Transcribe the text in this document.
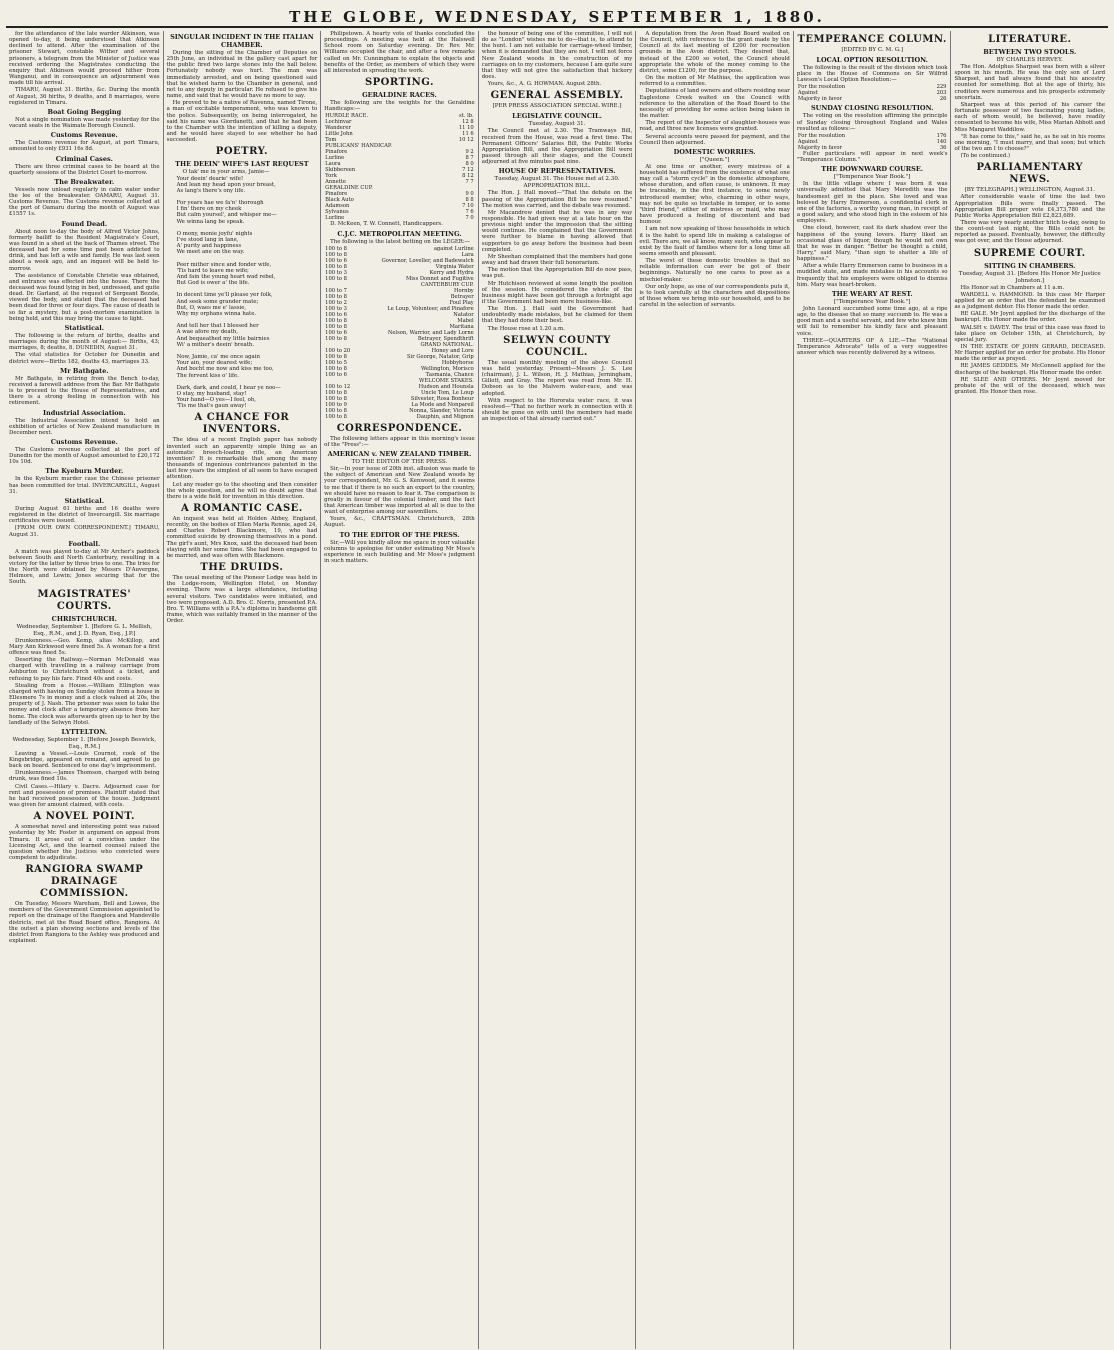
THE GLOBE, WEDNESDAY, SEPTEMBER 1, 1880.

for the attendance of the late warder Atkinson, was opened to-day, it being understood that Atkinson declined to attend. After the examination of the prisoner Stewart, constable Wither and several prisoners, a telegram from the Minister of Justice was received ordering the Magistrates conducting the enquiry that Atkinson would proceed hither from Wanganui, and in consequence an adjournment was made till his arrival.

TIMARU, August 31. Births, &c. During the month of August, 36 births, 9 deaths, and 8 marriages, were registered in Timaru.

Boat Going Begging

Not a single nomination was made yesterday for the vacant seats in the Waimate Borough Council.

Customs Revenue.

The Customs revenue for August, at port Timaru, amounted to only £931 16s 8d.

Criminal Cases.

There are three criminal cases to be heard at the quarterly sessions of the District Court to-morrow.

The Breakwater.

Vessels now unload regularly in calm water under the lee of the breakwater. OAMARU, August 31. Customs Revenue. The Customs revenue collected at the port of Oamaru during the month of August was £1557 1s.

Found Dead.

About noon to-day the body of Alfred Victor Johns, formerly bailiff to the Resident Magistrate's Court, was found in a shed at the back of Thames street. The deceased had for some time past been addicted to drink, and has left a wife and family. He was last seen about a week ago, and an inquest will be held to-morrow.

The assistance of Constable Christie was obtained, and entrance was effected into the house. There the deceased was found lying in bed, undressed, and quite dead. Dr. Garland, at the request of Sergeant Bezzle, viewed the body, and stated that the deceased had been dead for three or four days. The cause of death is so far a mystery, but a post-mortem examination is being held, and this may bring the cause to light.

Statistical.

The following is the return of births, deaths and marriages during the month of August:— Births, 43; marriages, 8; deaths, 8. DUNEDIN, August 31.

The vital statistics for October for Dunedin and district were—Births 182, deaths 43, marriages 33.

Mr Bathgate.

Mr Bathgate, in retiring from the Bench to-day, received a farewell address from the Bar. Mr Bathgate is to proceed to the House of Representatives, and there is a strong feeling in connection with his retirement.

Industrial Association.

The Industrial Association intend to hold an exhibition of articles of New Zealand manufacture in December next.

Customs Revenue.

The Customs revenue collected at the port of Dunedin for the month of August amounted to £20,172 10s 10d.

The Kyeburn Murder.

In the Kyeburn murder case the Chinese prisoner has been committed for trial. INVERCARGILL, August 31.

Statistical.

During August 61 births and 16 deaths were registered in the district of Invercargill. Six marriage certificates were issued.

[FROM OUR OWN CORRESPONDENT.] TIMARU, August 31.

Football.

A match was played to-day at Mr Archer's paddock between South and North Canterbury, resulting in a victory for the latter by three tries to one. The tries for the North were obtained by Messrs D'Auvergne, Helmore, and Lewin; Jones securing that for the South.

MAGISTRATES' COURTS.
CHRISTCHURCH.
Wednesday, September 1. [Before G. L. Mellish, Esq., R.M., and J. D. Ryan, Esq., J.P.]

Drunkenness.—Geo. Kemp, alias McKillop, and Mary Ann Kirkwood were fined 5s. A woman for a first offence was fined 5s.

Deserting the Railway.—Norman McDonald was charged with travelling in a railway carriage from Ashburton to Christchurch without a ticket, and refusing to pay his fare. Fined 40s and costs.

Stealing from a House.—William Ellington was charged with having on Sunday stolen from a house in Ellesmere 7s in money and a clock valued at 20s, the property of J. Nash. The prisoner was seen to take the money and clock after a temporary absence from her home. The clock was afterwards given up to her by the landlady of the Selwyn Hotel.

LYTTELTON.
Wednesday, September 1. [Before Joseph Beswick, Esq., R.M.]

Leaving a Vessel.—Louis Cournot, cook of the Kingsbridge, appeared on remand, and agreed to go back on board. Sentenced to one day's imprisonment.

Drunkenness.—James Thomson, charged with being drunk, was fined 10s.

Civil Cases.—Hilary v. Dacre. Adjourned case for rent and possession of premises. Plaintiff stated that he had received possession of the house. Judgment was given for amount claimed, with costs.

A NOVEL POINT.

A somewhat novel and interesting point was raised yesterday by Mr. Foster in argument on appeal from Timaru. It arose out of a conviction under the Licensing Act, and the learned counsel raised the question whether the Justices who convicted were competent to adjudicate.

RANGIORA SWAMP DRAINAGE COMMISSION.

On Tuesday, Messrs Wareham, Bell and Lowes, the members of the Government Commission appointed to report on the drainage of the Rangiora and Mandeville districts, met at the Road Board office, Rangiora. At the outset a plan showing sections and levels of the district from Rangiora to the Ashley was produced and explained.

SINGULAR INCIDENT IN THE ITALIAN CHAMBER.

During the sitting of the Chamber of Deputies on 25th June, an individual in the gallery cast apart for the public fired two large stones into the hall below. Fortunately nobody was hurt. The man was immediately arrested, and on being questioned said that he wished harm to the Chamber in general, and not to any deputy in particular. He refused to give his name, and said that he would have no more to say.

He proved to be a native of Ravenna, named Tirone, a man of excitable temperament, who was known to the police. Subsequently, on being interrogated, he said his name was Giordanetti, and that he had been to the Chamber with the intention of killing a deputy, and he would have stayed to see whether he had succeeded.

POETRY.
THE DEEIN' WIFE'S LAST REQUEST

O tak' me in your arms, Jamie—
Your deein' dearie' wife!
And lean my head upon your breast,
As lang's there's ony life.

For years hae we fa'n' thorough
I fin' there on my cheek
But calm yoursel', and whisper me—
We winna lang be speak.

O mony, monie joyfu' nights
I've stood lang in lane,
A' purity and happiness
We meet ane on the way.

Peer mither since and fonder wife,
'Tis hard to leave me wife;
And fain the young heart wad rebel,
But God is ower a' the life.

In decent time ye'll please yer folk,
And seek some grander mate;
But, O, waes me e' lassie,
Why my orphans winna hate.

And tell her that I blessed her
A wae afore my death,
And bequeathed my little bairnies
Wi' a mither's deein' breath.

Now, Jamie, ca' me once again
Your ain, your dearest wife;
And bocht me now and kiss me too,
The fervent kiss o' life.

Dark, dark, and could, I hear ye noo—
O stay, my husband, stay!
Your hand—O yes—I feel, oh,
'Tis me that's gaun away!

A CHANCE FOR INVENTORS.

The idea of a recent English paper has nobody invented such an apparently simple thing as an automatic breech-loading rifle, an American invention? It is remarkable that among the many thousands of ingenious contrivances patented in the last few years the simplest of all seem to have escaped attention.

Let any reader go to the shooting and then consider the whole question, and he will no doubt agree that there is a wide field for invention in this direction.

A ROMANTIC CASE.

An inquest was held at Holden Abbey, England, recently, on the bodies of Ellen Maria Rennie, aged 24, and Charles Robert Blackmore, 19, who had committed suicide by drowning themselves in a pond. The girl's aunt, Mrs Knox, said the deceased had been staying with her some time. She had been engaged to be married, and was often with Blackmore.

THE DRUIDS.

The usual meeting of the Pioneer Lodge was held in the Lodge-room, Wellington Hotel, on Monday evening. There was a large attendance, including several visitors. Two candidates were initiated, and two were proposed. A.D. Bro. C. Norris, presented P.A. Bro. T. Williams with a P.A.'s diploma in handsome gilt frame, which was suitably framed in the manner of the Order.

Philipstown. A hearty vote of thanks concluded the proceedings. A meeting was held at the Halswell School room on Saturday evening. Dr. Rev. Mr. Williams occupied the chair, and after a few remarks called on Mr. Cunningham to explain the objects and benefits of the Order, as members of which they were all interested in spreading the work.

SPORTING.
GERALDINE RACES.

The following are the weights for the Geraldine Handicaps:—

HURDLE RACE.	st. lb.
Lochinvar	12 8
Wanderer	11 10
Little John	11 6
Tom	10 12
PUBLICANS' HANDICAP.	
Pinafore	9 2
Lurline	8 7
Laura	8 0
Skibbereen	7 12
York	8 12
Annette	7 7
GERALDINE CUP.	
Pinafore	9 0
Black Auto	8 8
Adamson	7 10
Sylvanus	7 6
Lurline	7 0

D. McKeen, T. W. Connett, Handicappers.

C.J.C. METROPOLITAN MEETING.

The following is the latest betting on the LEGER:—

100 to 8	against Lurline
100 to 8	Lara
100 to 6	Governor, Loveller, and Badewatch
100 to 8	Virginia Water
100 to 3	Kerry and Hydra
100 to 8	Miss Donnet and Fugitive
	CANTERBURY CUP.
100 to 7	Hornby
100 to 8	Betrayer
100 to 2	Foul Play
100 to 3	Le Loup, Volunteer, and Pinafore
100 to 6	Natator
100 to 8	Mabel
100 to 8	Maritana
100 to 6	Nelson, Warrior, and Lady Lorne
100 to 8	Betrayer, Spendthrift
	GRAND NATIONAL.
100 to 20	Honey and Lore
100 to 8	Sir George, Natator, Grip
100 to 5	Hobbyhorse
100 to 8	Wellington, Morisco
100 to 6	Tasmania, Chance
	WELCOME STAKES.
100 to 12	Hudson and Hounsla
100 to 8	Uncle Tom, Le Loup
100 to 8	Silvester, Rosa Bonheur
100 to 9	La Mode and Nonpareil
100 to 8	Nonna, Slander, Victoria
100 to 8	Dauphin, and Mignon
CORRESPONDENCE.

The following letters appear in this morning's issue of the "Press":—

AMERICAN v. NEW ZEALAND TIMBER.
TO THE EDITOR OF THE PRESS.

Sir,—In your issue of 20th inst. allusion was made to the subject of American and New Zealand woods by your correspondent, Mr. G. S. Kenwood, and it seems to me that if there is no such an export to the country, we should have no reason to fear it. The comparison is greatly in favour of the colonial timber, and the fact that American timber was imported at all is due to the want of enterprise among our sawmillers.

Yours, &c., CRAFTSMAN. Christchurch, 28th August.

TO THE EDITOR OF THE PRESS.

Sir,—Will you kindly allow me space in your valuable columns to apologise for under estimating Mr Moss's experience in such building and Mr Moss's judgment in such matters.

the honour of being one of the committee, I will not do as "London" wishes me to do—that is, to attend to the hunt. I am not suitable for carriage-wheel timber, when it is demanded that they are not. I will not force New Zealand woods in the construction of my carriages on to my customers, because I am quite sure that they will not give the satisfaction that hickory does.

Yours, &c., A. G. HOWMAN. August 28th.

GENERAL ASSEMBLY.
[PER PRESS ASSOCIATION SPECIAL WIRE.]
LEGISLATIVE COUNCIL.
Tuesday, August 31.

The Council met at 2.30. The Tramways Bill, received from the House, was read a first time. The Permanent Officers' Salaries Bill, the Public Works Appropriation Bill, and the Appropriation Bill were passed through all their stages, and the Council adjourned at five minutes past nine.

HOUSE OF REPRESENTATIVES.
Tuesday, August 31. The House met at 2.30. APPROPRIATION BILL.

The Hon. J. Hall moved—"That the debate on the passing of the Appropriation Bill be now resumed." The motion was carried, and the debate was resumed.

Mr Macandrew denied that he was in any way responsible. He had given way at a late hour on the previous night under the impression that the sitting would continue. He complained that the Government were further to blame in having allowed that supporters to go away before the business had been completed.

Mr Sheehan complained that the members had gone away and had drawn their full honorarium.

The motion that the Appropriation Bill do now pass, was put.

Mr Hutchison reviewed at some length the position of the session. He considered the whole of the business might have been got through a fortnight ago if the Government had been more business-like.

The Hon. J. Hall said the Government had undoubtedly made mistakes, but he claimed for them that they had done their best.

The House rose at 1.20 a.m.

SELWYN COUNTY COUNCIL.

The usual monthly meeting of the above Council was held yesterday. Present—Messrs J. S. Lee (chairman), J. L. Wilson, H. J. Mathias, Jerningham, Gillett, and Gray. The report was read from Mr. H. Dobson as to the Malvern water-race, and was adopted.

With respect to the Hororata water race, it was resolved—"That no further work in connection with it should be gone on with until the members had made an inspection of that already carried out."

A deputation from the Avon Road Board waited on the Council, with reference to the grant made by the Council at its last meeting of £200 for recreation grounds in the Avon district. They desired that, instead of the £200 so voted, the Council should appropriate the whole of the money coming to the district, some £1200, for the purpose.

On the motion of Mr Mathias, the application was referred to a committee.

Deputations of land owners and others residing near Eaglestone Creek waited on the Council with reference to the alteration of the Road Board to the necessity of providing for some action being taken in the matter.

The report of the Inspector of slaughter-houses was read, and three new licenses were granted.

Several accounts were passed for payment, and the Council then adjourned.

DOMESTIC WORRIES.
["Queen."]

At one time or another, every mistress of a household has suffered from the existence of what one may call a "storm cycle" in the domestic atmosphere, whose duration, and often cause, is unknown. It may be traceable, in the first instance, to some newly introduced member, who, charming in other ways, may not be quite so tractable in temper, or to some "third friend," either of mistress or maid, who may have produced a feeling of discontent and bad humour.

I am not now speaking of those households in which it is the habit to spend life in making a catalogue of evil. There are, we all know, many such, who appear to exist by the fault of families where for a long time all seems smooth and pleasant.

The worst of these domestic troubles is that no reliable information can ever be got of their beginnings. Naturally no one cares to pose as a mischief-maker.

Our only hope, as one of our correspondents puts it, is to look carefully at the characters and dispositions of those whom we bring into our household, and to be careful in the selection of servants.

TEMPERANCE COLUMN.
[EDITED BY C. M. G.]
LOCAL OPTION RESOLUTION.

The following is the result of the division which took place in the House of Commons on Sir Wilfrid Lawson's Local Option Resolution:—

For the resolution	229
Against	203
Majority in favor	26
SUNDAY CLOSING RESOLUTION.

The voting on the resolution affirming the principle of Sunday closing throughout England and Wales resulted as follows:—

For the resolution	176
Against	140
Majority in favor	36

Fuller particulars will appear in next week's "Temperance Column."

THE DOWNWARD COURSE.
["Temperance Year Book."]

In the little village where I was born it was universally admitted that Mary Meredith was the handsomest girl in the place. She loved and was beloved by Harry Emmerson, a confidential clerk in one of the factories, a worthy young man, in receipt of a good salary, and who stood high in the esteem of his employers.

One cloud, however, cast its dark shadow over the happiness of the young lovers. Harry liked an occasional glass of liquor, though he would not own that he was in danger. "Better be thought a child, Harry," said Mary, "than sign to shatter a life of happiness."

After a while Harry Emmerson came to business in a muddled state, and made mistakes in his accounts so frequently that his employers were obliged to dismiss him. Mary was heart-broken.

THE WEARY AT REST.
["Temperance Year Book."]

John Leonard succumbed some time ago, at a ripe age, to the disease that so many succumb to. He was a good man and a useful servant, and few who knew him will fail to remember his kindly face and pleasant voice.

THREE—QUARTERS OF A LIE.—The "National Temperance Advocate" tells of a very suggestive answer which was recently delivered by a witness.

LITERATURE.
BETWEEN TWO STOOLS.
BY CHARLES HERVEY.

The Hon. Adolphus Sharpset was born with a silver spoon in his mouth. He was the only son of Lord Sharpset, and had always found that his ancestry counted for something. But at the age of thirty, his creditors were numerous and his prospects extremely uncertain.

Sharpset was at this period of his career the fortunate possessor of two fascinating young ladies, each of whom would, he believed, have readily consented to become his wife, Miss Marian Abbott and Miss Mangaret Waddilow.

"It has come to this," said he, as he sat in his rooms one morning, "I must marry, and that soon; but which of the two am I to choose?"

(To be continued.)

PARLIAMENTARY NEWS.
[BY TELEGRAPH.] WELLINGTON, August 31.

After considerable waste of time the last two Appropriation Bills were finally passed. The Appropriation Bill proper vote £4,373,780 and the Public Works Appropriation Bill £2,823,689.

There was very nearly another hitch to-day, owing to the count-out last night, the Bills could not be reported as passed. Eventually, however, the difficulty was got over, and the House adjourned.

SUPREME COURT.
SITTING IN CHAMBERS.
Tuesday, August 31. [Before His Honor Mr Justice Johnston.]

His Honor sat in Chambers at 11 a.m.

WARDELL v. HAMMOND. In this case Mr Harper applied for an order that the defendant be examined as a judgment debtor. His Honor made the order.

RE GALE. Mr Joynt applied for the discharge of the bankrupt. His Honor made the order.

WALSH v. DAVEY. The trial of this case was fixed to take place on October 15th, at Christchurch, by special jury.

IN THE ESTATE OF JOHN GERARD, DECEASED. Mr Harper applied for an order for probate. His Honor made the order as prayed.

RE JAMES GEDDES. Mr McConnell applied for the discharge of the bankrupt. His Honor made the order.

RE SLEE AND OTHERS. Mr Joynt moved for probate of the will of the deceased, which was granted. His Honor then rose.
